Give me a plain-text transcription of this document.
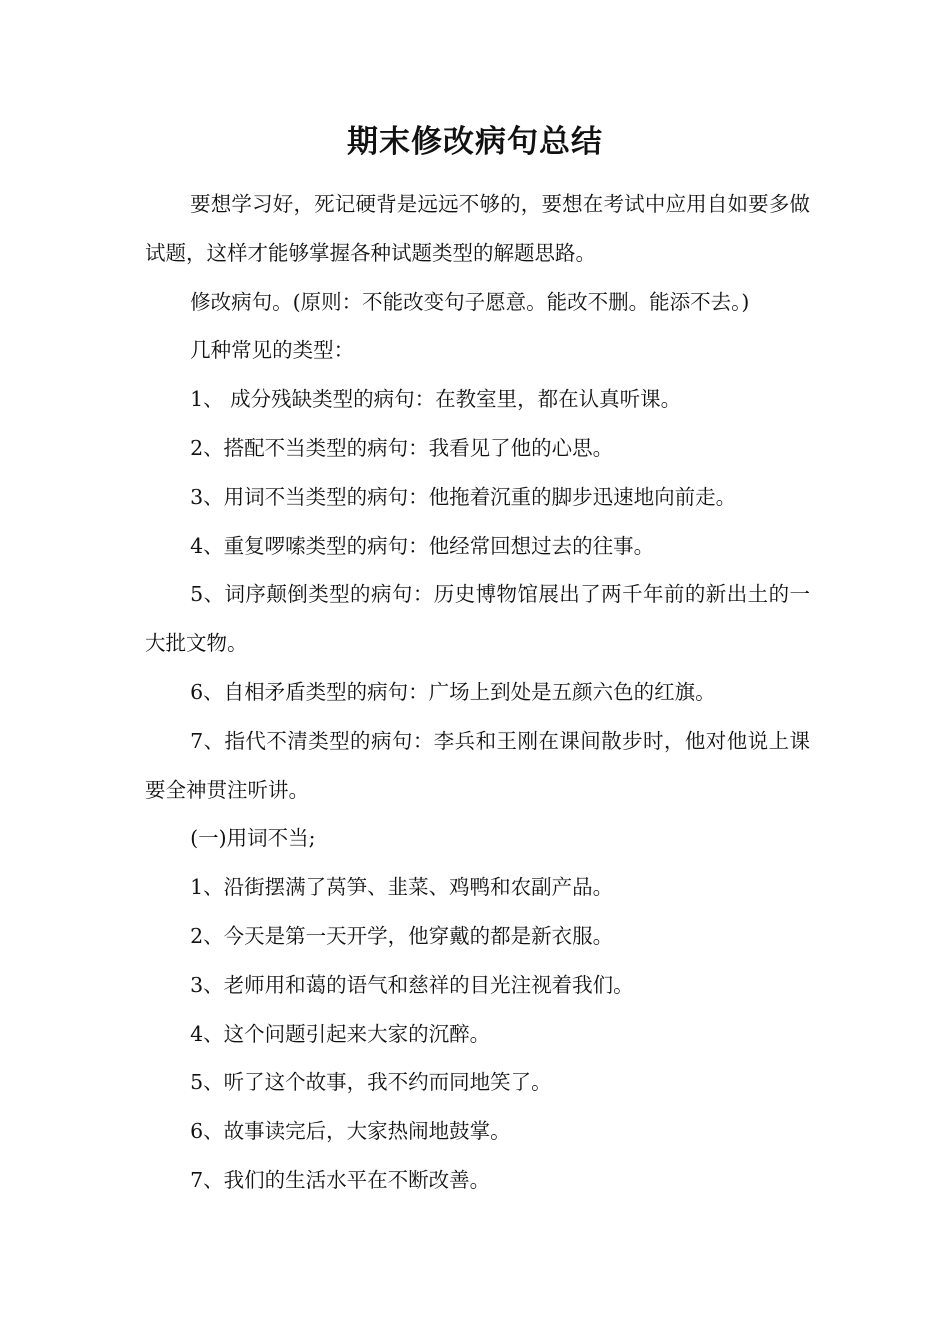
期末修改病句总结

要想学习好，死记硬背是远远不够的，要想在考试中应用自如要多做试题，这样才能够掌握各种试题类型的解题思路。

修改病句。(原则：不能改变句子愿意。能改不删。能添不去。)

几种常见的类型：

1、 成分残缺类型的病句：在教室里，都在认真听课。

2、搭配不当类型的病句：我看见了他的心思。

3、用词不当类型的病句：他拖着沉重的脚步迅速地向前走。

4、重复啰嗦类型的病句：他经常回想过去的往事。

5、词序颠倒类型的病句：历史博物馆展出了两千年前的新出土的一大批文物。

6、自相矛盾类型的病句：广场上到处是五颜六色的红旗。

7、指代不清类型的病句：李兵和王刚在课间散步时，他对他说上课要全神贯注听讲。

(一)用词不当;

1、沿街摆满了莴笋、韭菜、鸡鸭和农副产品。

2、今天是第一天开学，他穿戴的都是新衣服。

3、老师用和蔼的语气和慈祥的目光注视着我们。

4、这个问题引起来大家的沉醉。

5、听了这个故事，我不约而同地笑了。

6、故事读完后，大家热闹地鼓掌。

7、我们的生活水平在不断改善。
